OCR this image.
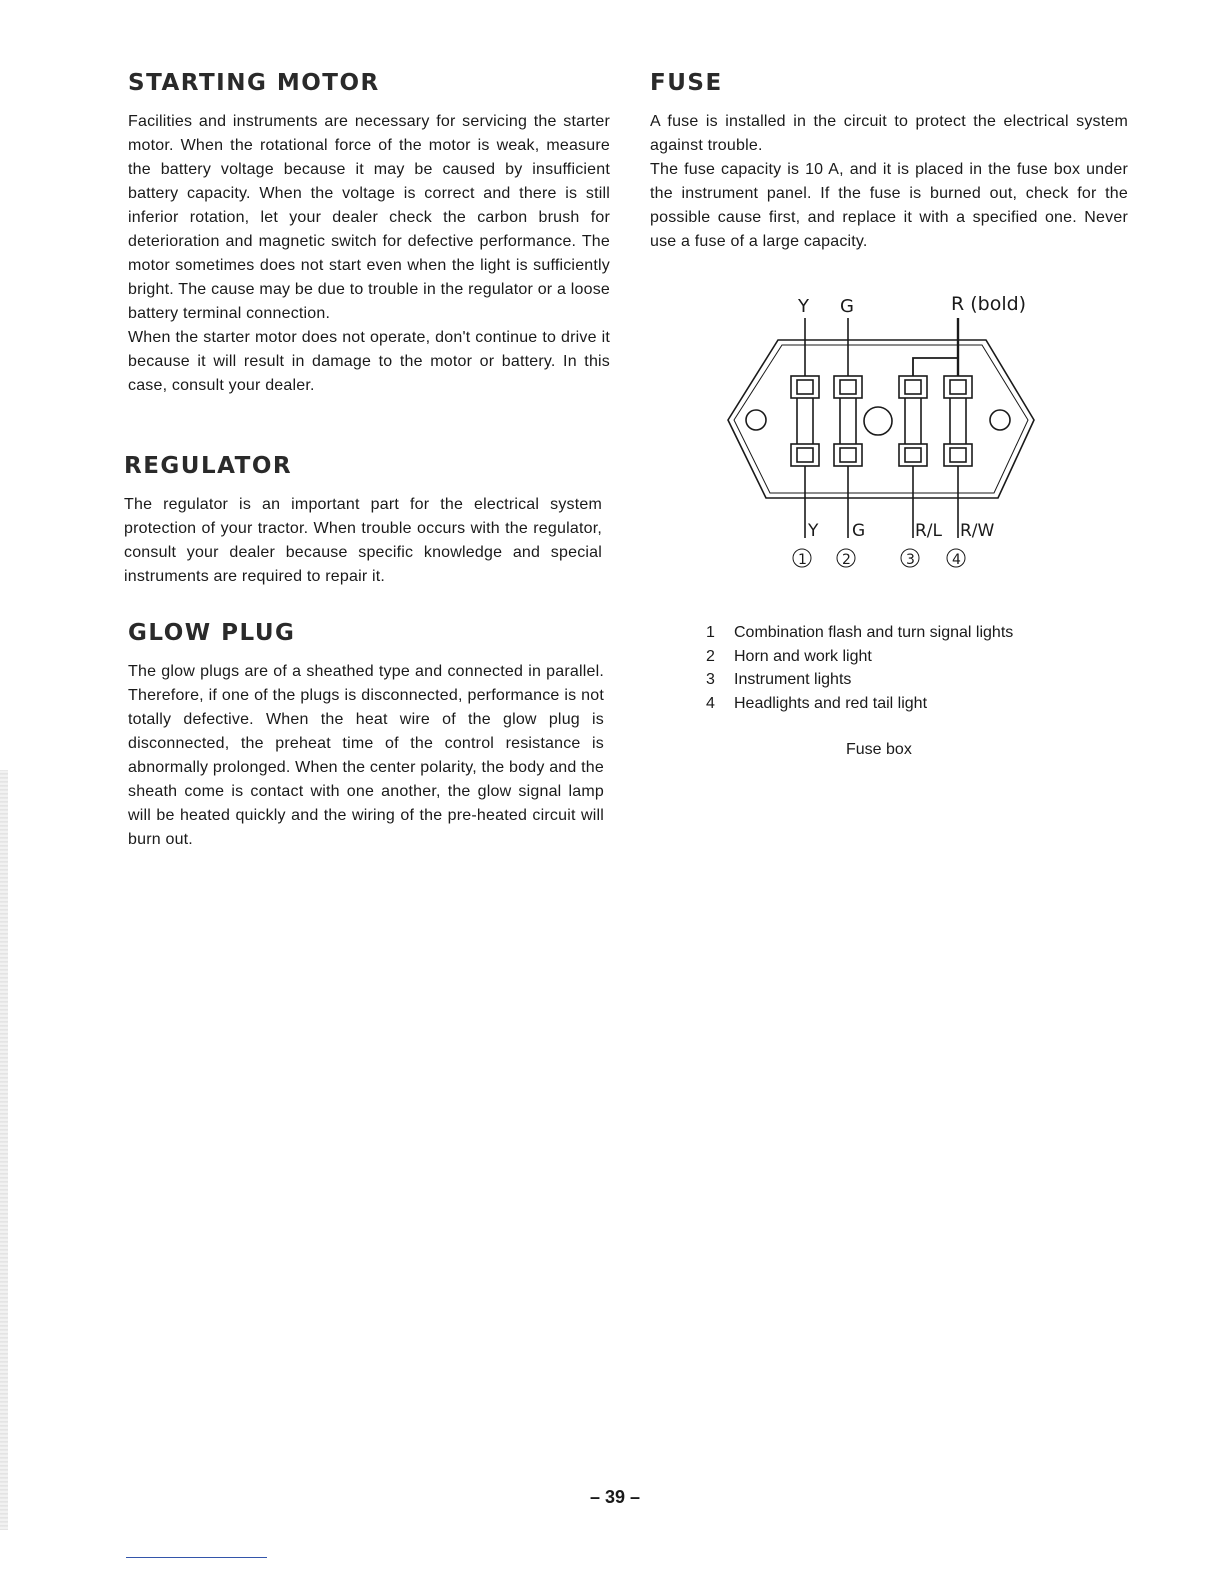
STARTING MOTOR

Facilities and instruments are necessary for servicing the starter motor. When the rotational force of the motor is weak, measure the battery voltage because it may be caused by insufficient battery capacity. When the voltage is correct and there is still inferior rotation, let your dealer check the carbon brush for deterioration and magnetic switch for defective performance. The motor sometimes does not start even when the light is sufficiently bright. The cause may be due to trouble in the regulator or a loose battery terminal connection.

When the starter motor does not operate, don't continue to drive it because it will result in damage to the motor or battery. In this case, consult your dealer.

REGULATOR

The regulator is an important part for the electrical system protection of your tractor. When trouble occurs with the regulator, consult your dealer because specific knowledge and special instruments are required to repair it.

GLOW PLUG

The glow plugs are of a sheathed type and connected in parallel. Therefore, if one of the plugs is disconnected, performance is not totally defective. When the heat wire of the glow plug is disconnected, the preheat time of the control resistance is abnormally prolonged. When the center polarity, the body and the sheath come is contact with one another, the glow signal lamp will be heated quickly and the wiring of the pre-heated circuit will burn out.

FUSE

A fuse is installed in the circuit to protect the electrical system against trouble.

The fuse capacity is 10 A, and it is placed in the fuse box under the instrument panel. If the fuse is burned out, check for the possible cause first, and replace it with a specified one. Never use a fuse of a large capacity.

Y G	R (bold)
Y G	R/L R/W
1	2	3	4
1	Combination flash and turn signal lights
2	Horn and work light
3	Instrument lights
4	Headlights and red tail light
Fuse box
– 39 –
